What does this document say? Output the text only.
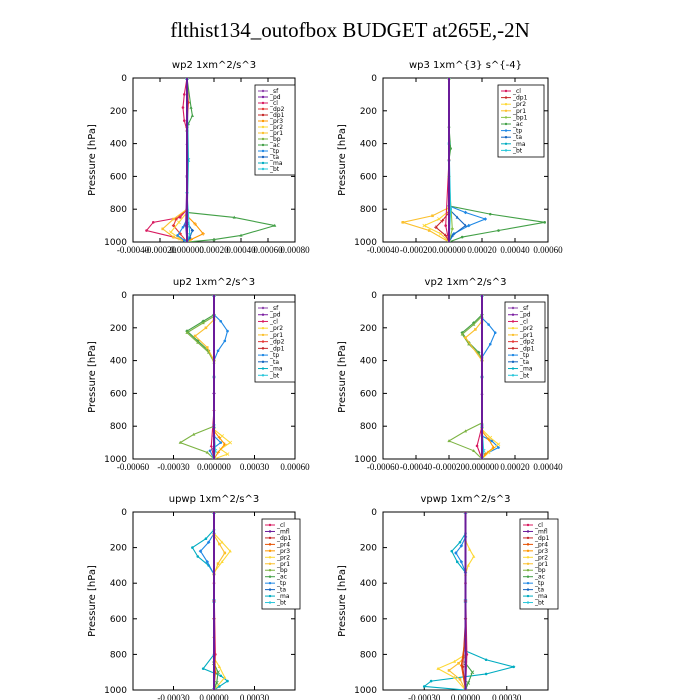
flthist134_outofbox BUDGET at265E,-2N
wp2 1xm^2/s^3
Pressure [hPa]
0
200
400
600
800
1000
-0.00040
-0.00020
0.000000
0.00020
0.00040
0.00060
0.00080
_sf
_pd
_cl
_dp2
_dp1
_pr3
_pr2
_pr1
_bp
_ac
_tp
_ta
_ma
_bt
wp3 1xm^{3} s^{-4}
Pressure [hPa]
0
200
400
600
800
1000
-0.00040 -0.00020 0.000000 0.00020 0.00040 0.00060
_cl
_dp1
_pr2
_pr1
_bp1
_ac
_tp
_ta
_ma
_bt
up2 1xm^2/s^3
Pressure [hPa]
0
200
400
600
800
1000
-0.00060 -0.00030 0.000000 0.00030 0.00060
_sf
_pd
_cl
_pr2
_pr1
_dp2
_dp1
_tp
_ta
_ma
_bt
vp2 1xm^2/s^3
Pressure [hPa]
0
200
400
600
800
1000
-0.00060 -0.00040 -0.00020 0.000000 0.00020 0.00040
_sf
_pd
_cl
_pr2
_pr1
_dp2
_dp1
_tp
_ta
_ma
_bt
upwp 1xm^2/s^3
Pressure [hPa]
0
200
400
600
800
1000
-0.00030 0.00000 0.00030
_cl
_mfl
_dp1
_pr4
_pr3
_pr2
_pr1
_bp
_ac
_tp
_ta
_ma
_bt
vpwp 1xm^2/s^3
Pressure [hPa]
0
200
400
600
800
1000
-0.00030 0.00000 0.00030
_cl
_mfl
_dp1
_pr4
_pr3
_pr2
_pr1
_bp
_ac
_tp
_ta
_ma
_bt
